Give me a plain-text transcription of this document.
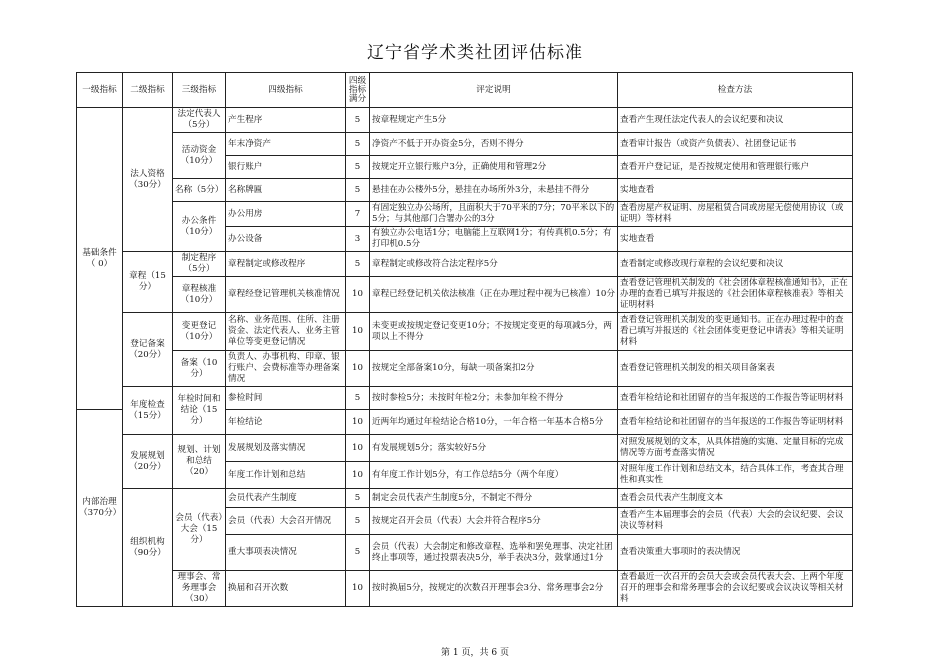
辽宁省学术类社团评估标准
一级指标	二级指标	三级指标	四级指标	四级指标满分	评定说明	检查方法
基础条件（ 0）	法人资格（30分）	法定代表人（5分）	产生程序	5	按章程规定产生5分	查看产生现任法定代表人的会议纪要和决议
		活动资金（10分）	年末净资产	5	净资产不低于开办资金5分，否则不得分	查看审计报告（或资产负债表）、社团登记证书
			银行账户	5	按规定开立银行账户3分，正确使用和管理2分	查看开户登记证，是否按规定使用和管理银行账户
		名称（5分）	名称牌匾	5	悬挂在办公楼外5分，悬挂在办场所外3分，未悬挂不得分	实地查看
		办公条件（10分）	办公用房	7	有固定独立办公场所，且面积大于70平米的7分；70平米以下的5分；与其他部门合署办公的3分	查看房屋产权证明、房屋租赁合同或房屋无偿使用协议（或证明）等材料
			办公设备	3	有独立办公电话1分；电脑能上互联网1分；有传真机0.5分；有打印机0.5分	实地查看
	章程（15分）	制定程序（5分）	章程制定或修改程序	5	章程制定或修改符合法定程序5分	查看制定或修改现行章程的会议纪要和决议
		章程核准（10分）	章程经登记管理机关核准情况	10	章程已经登记机关依法核准（正在办理过程中视为已核准）10分	查看登记管理机关制发的《社会团体章程核准通知书》，正在办理的查看已填写并报送的《社会团体章程核准表》等相关证明材料
	登记备案（20分）	变更登记（10分）	名称、业务范围、住所、注册资金、法定代表人、业务主管单位等变更登记情况	10	未变更或按规定登记变更10分；不按规定变更的每项减5分，两项以上不得分	查看登记管理机关制发的变更通知书。正在办理过程中的查看已填写并报送的《社会团体变更登记申请表》等相关证明材料
		备案（10分）	负责人、办事机构、印章、银行账户、会费标准等办理备案情况	10	按规定全部备案10分，每缺一项备案扣2分	查看登记管理机关制发的相关项目备案表
	年度检查（15分）	年检时间和结论（15分）	参检时间	5	按时参检5分；未按时年检2分；未参加年检不得分	查看年检结论和社团留存的当年报送的工作报告等证明材料
内部治理（370分）			年检结论	10	近两年均通过年检结论合格10分，一年合格一年基本合格5分	查看年检结论和社团留存的当年报送的工作报告等证明材料
	发展规划（20分）	规划、计划和总结（20）	发展规划及落实情况	10	有发展规划5分；落实较好5分	对照发展规划的文本，从具体措施的实施、定量目标的完成情况等方面考查落实情况
			年度工作计划和总结	10	有年度工作计划5分，有工作总结5分（两个年度）	对照年度工作计划和总结文本，结合具体工作，考查其合理性和真实性
	组织机构（90分）	会员（代表）大会（15分）	会员代表产生制度	5	制定会员代表产生制度5分，不制定不得分	查看会员代表产生制度文本
			会员（代表）大会召开情况	5	按规定召开会员（代表）大会并符合程序5分	查看产生本届理事会的会员（代表）大会的会议纪要、会议决议等材料
			重大事项表决情况	5	会员（代表）大会制定和修改章程、选举和罢免理事、决定社团终止事项等，通过投票表决5分，举手表决3分，鼓掌通过1分	查看决策重大事项时的表决情况
		理事会、常务理事会（30）	换届和召开次数	10	按时换届5分，按规定的次数召开理事会3分、常务理事会2分	查看最近一次召开的会员大会或会员代表大会、上两个年度召开的理事会和常务理事会的会议纪要或会议决议等相关材料
第 1 页，共 6 页
